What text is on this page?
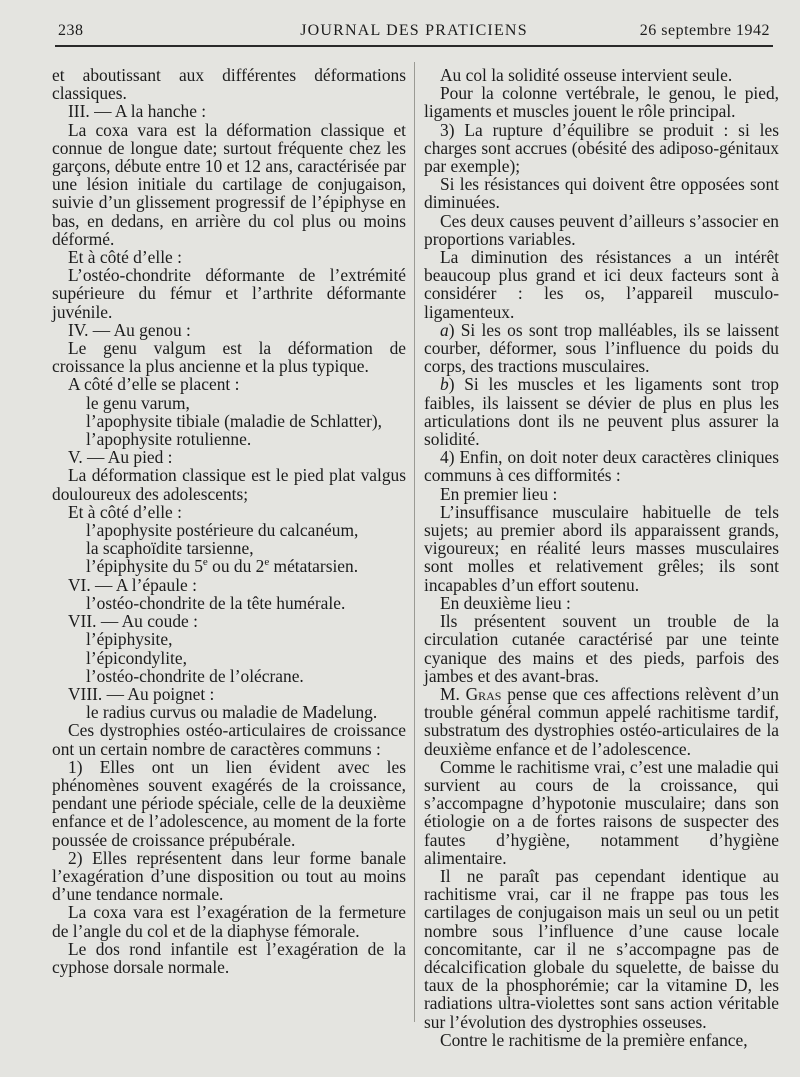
238	JOURNAL DES PRATICIENS	26 septembre 1942

et aboutissant aux différentes déformations classiques.

III. — A la hanche :

La coxa vara est la déformation classique et connue de longue date; surtout fréquente chez les garçons, débute entre 10 et 12 ans, caractérisée par une lésion initiale du cartilage de conjugaison, suivie d’un glissement progressif de l’épiphyse en bas, en dedans, en arrière du col plus ou moins déformé.

Et à côté d’elle :

L’ostéo-chondrite déformante de l’extrémité supérieure du fémur et l’arthrite déformante juvénile.

IV. — Au genou :

Le genu valgum est la déformation de croissance la plus ancienne et la plus typique.

A côté d’elle se placent :

le genu varum,

l’apophysite tibiale (maladie de Schlatter),

l’apophysite rotulienne.

V. — Au pied :

La déformation classique est le pied plat valgus douloureux des adolescents;

Et à côté d’elle :

l’apophysite postérieure du calcanéum,

la scaphoïdite tarsienne,

l’épiphysite du 5e ou du 2e métatarsien.

VI. — A l’épaule :

l’ostéo-chondrite de la tête humérale.

VII. — Au coude :

l’épiphysite,

l’épicondylite,

l’ostéo-chondrite de l’olécrane.

VIII. — Au poignet :

le radius curvus ou maladie de Madelung.

Ces dystrophies ostéo-articulaires de croissance ont un certain nombre de caractères communs :

1) Elles ont un lien évident avec les phénomènes souvent exagérés de la croissance, pendant une période spéciale, celle de la deuxième enfance et de l’adolescence, au moment de la forte poussée de croissance prépubérale.

2) Elles représentent dans leur forme banale l’exagération d’une disposition ou tout au moins d’une tendance normale.

La coxa vara est l’exagération de la fermeture de l’angle du col et de la diaphyse fémorale.

Le dos rond infantile est l’exagération de la cyphose dorsale normale.

Au col la solidité osseuse intervient seule.

Pour la colonne vertébrale, le genou, le pied, ligaments et muscles jouent le rôle principal.

3) La rupture d’équilibre se produit : si les charges sont accrues (obésité des adiposo-génitaux par exemple);

Si les résistances qui doivent être opposées sont diminuées.

Ces deux causes peuvent d’ailleurs s’associer en proportions variables.

La diminution des résistances a un intérêt beaucoup plus grand et ici deux facteurs sont à considérer : les os, l’appareil musculo-ligamenteux.

a) Si les os sont trop malléables, ils se laissent courber, déformer, sous l’influence du poids du corps, des tractions musculaires.

b) Si les muscles et les ligaments sont trop faibles, ils laissent se dévier de plus en plus les articulations dont ils ne peuvent plus assurer la solidité.

4) Enfin, on doit noter deux caractères cliniques communs à ces difformités :

En premier lieu :

L’insuffisance musculaire habituelle de tels sujets; au premier abord ils apparaissent grands, vigoureux; en réalité leurs masses musculaires sont molles et relativement grêles; ils sont incapables d’un effort soutenu.

En deuxième lieu :

Ils présentent souvent un trouble de la circulation cutanée caractérisé par une teinte cyanique des mains et des pieds, parfois des jambes et des avant-bras.

M. Gras pense que ces affections relèvent d’un trouble général commun appelé rachitisme tardif, substratum des dystrophies ostéo-articulaires de la deuxième enfance et de l’adolescence.

Comme le rachitisme vrai, c’est une maladie qui survient au cours de la croissance, qui s’accompagne d’hypotonie musculaire; dans son étiologie on a de fortes raisons de suspecter des fautes d’hygiène, notamment d’hygiène alimentaire.

Il ne paraît pas cependant identique au rachitisme vrai, car il ne frappe pas tous les cartilages de conjugaison mais un seul ou un petit nombre sous l’influence d’une cause locale concomitante, car il ne s’accompagne pas de décalcification globale du squelette, de baisse du taux de la phosphorémie; car la vitamine D, les radiations ultra-violettes sont sans action véritable sur l’évolution des dystrophies osseuses.

Contre le rachitisme de la première enfance,
